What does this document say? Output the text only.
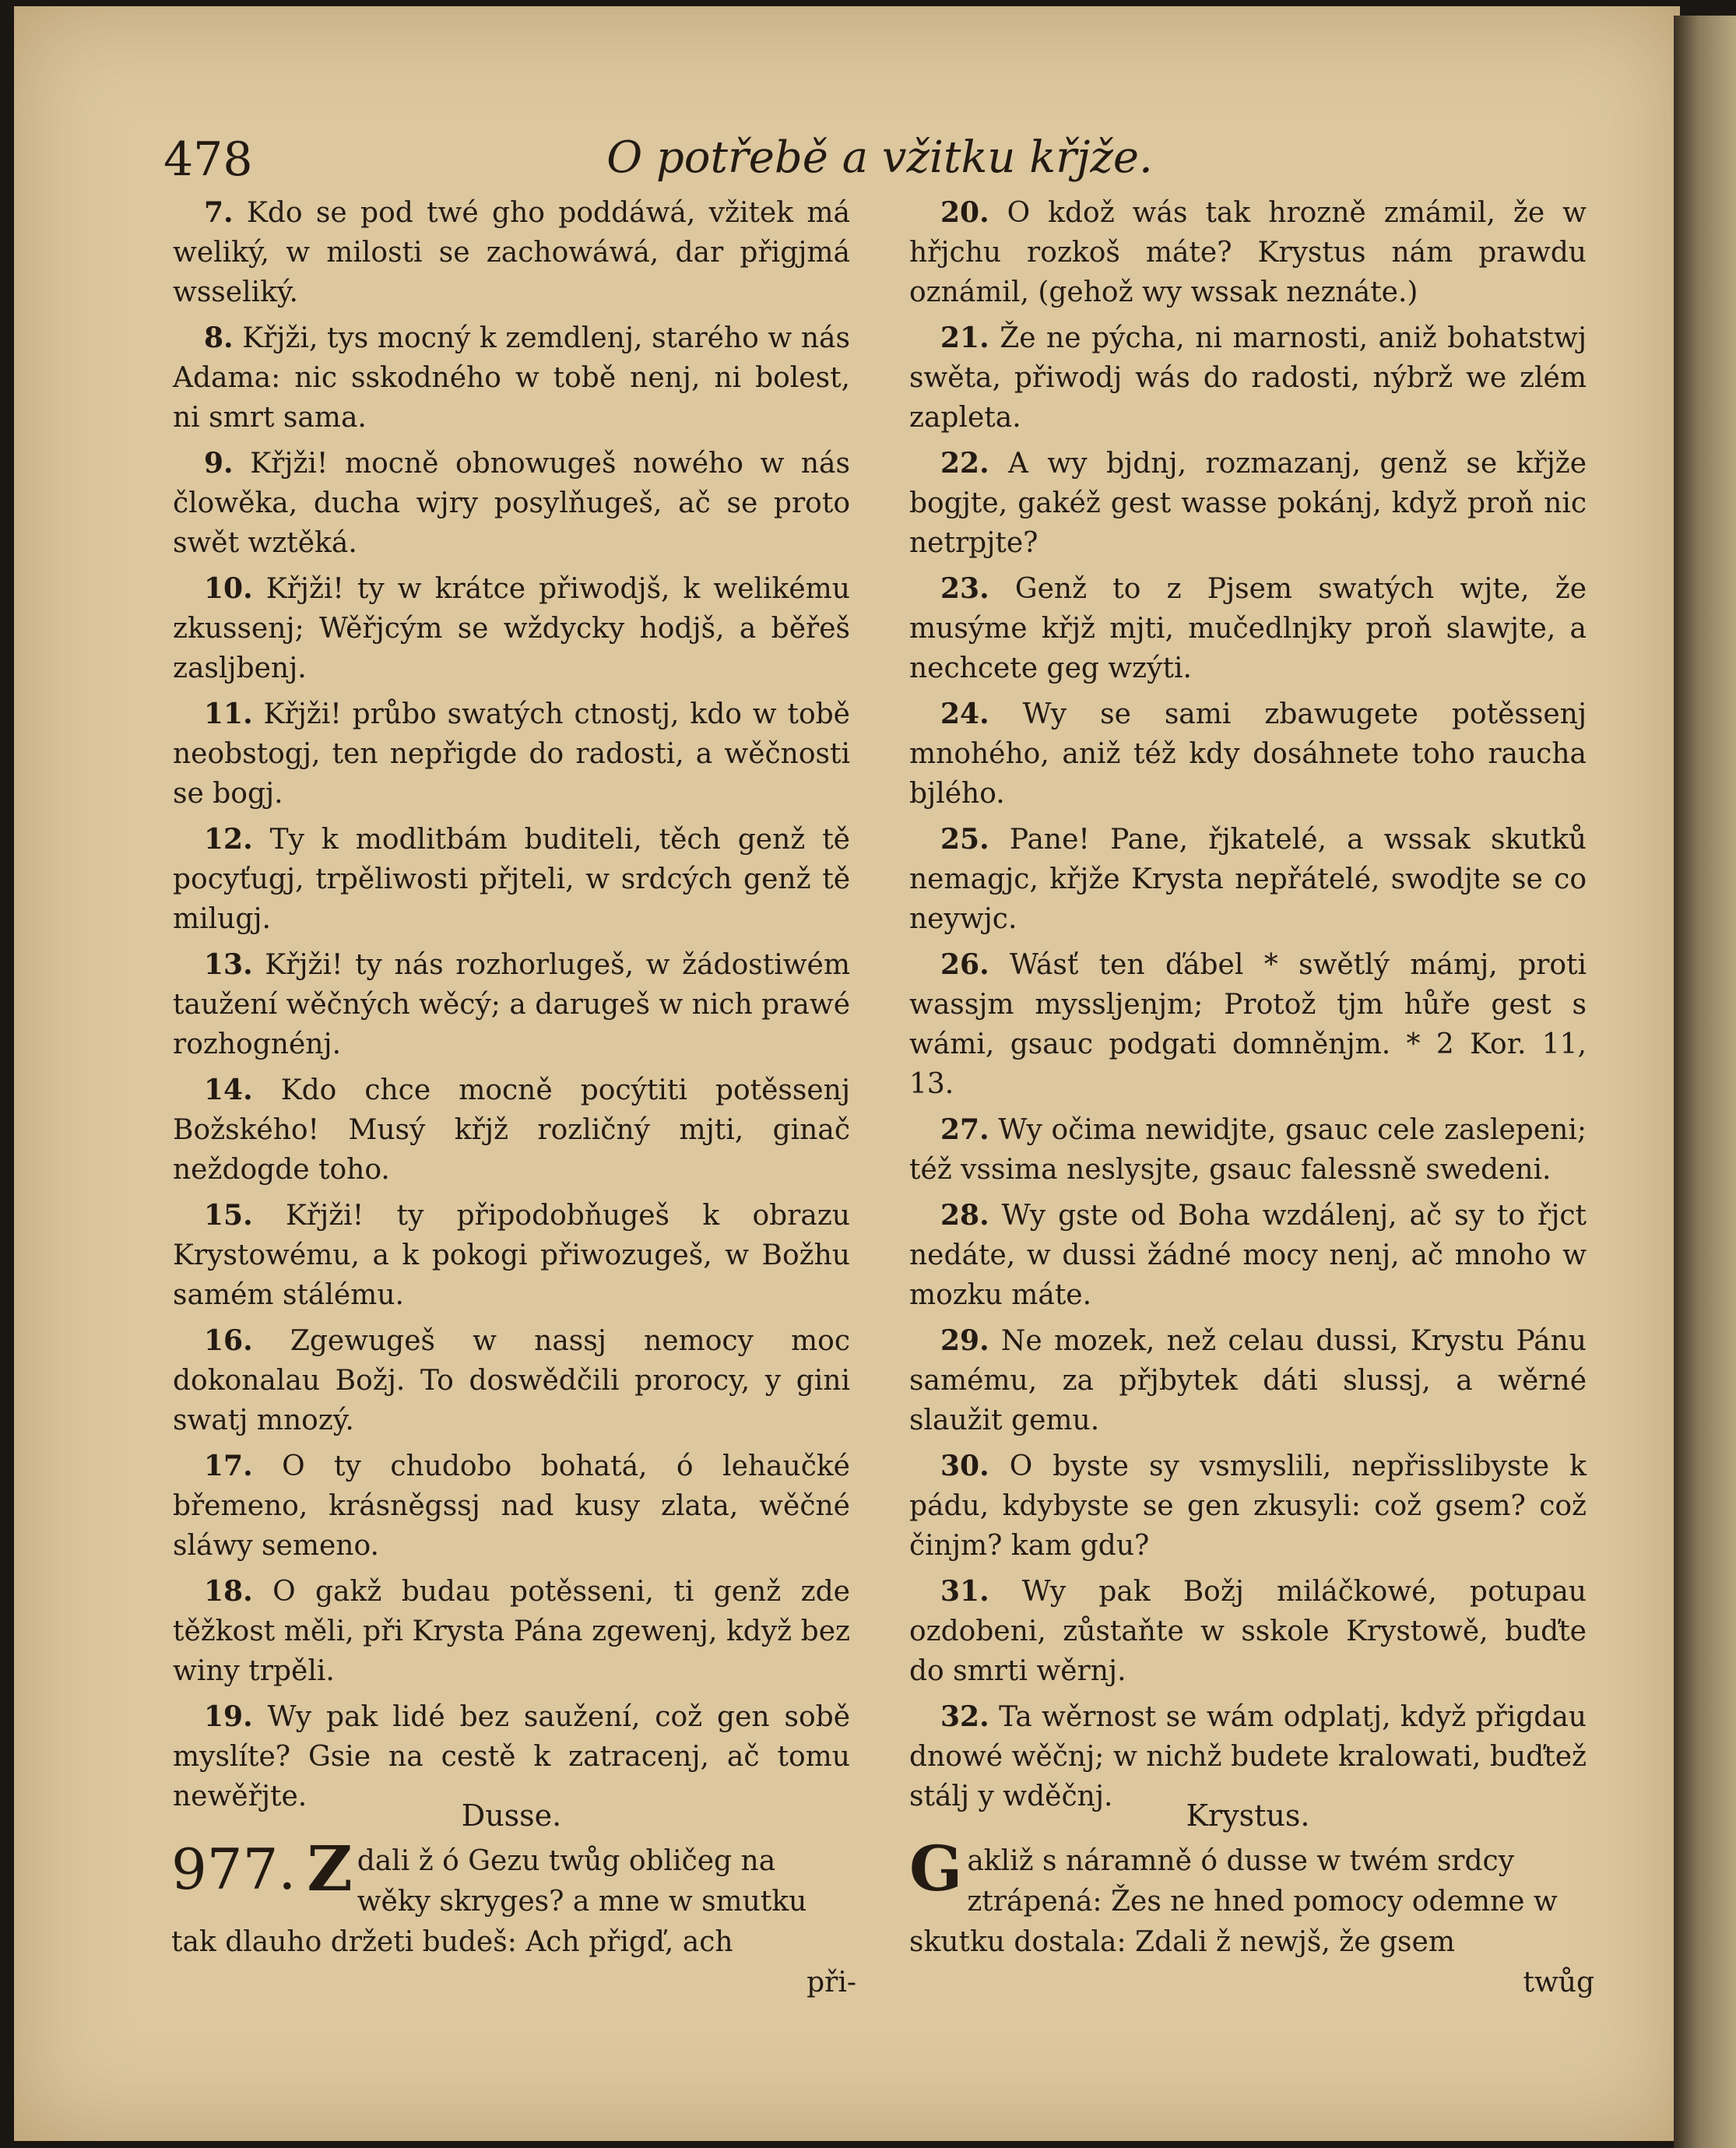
478	O potřebě a vžitku křjže.

7. Kdo se pod twé gho poddáwá, vžitek má weliký, w milosti se zachowáwá, dar přigjmá wsseliký.

8. Křjži, tys mocný k zemdlenj, starého w nás Adama: nic sskodného w tobě nenj, ni bolest, ni smrt sama.

9. Křjži! mocně obnowugeš nowého w nás člowěka, ducha wjry posylňugeš, ač se proto swět wztěká.

10. Křjži! ty w krátce přiwodjš, k welikému zkussenj; Wěřjcým se wždycky hodjš, a běřeš zasljbenj.

11. Křjži! průbo swatých ctnostj, kdo w tobě neobstogj, ten nepřigde do radosti, a wěčnosti se bogj.

12. Ty k modlitbám buditeli, těch genž tě pocyťugj, trpěliwosti přjteli, w srdcých genž tě milugj.

13. Křjži! ty nás rozhorlugeš, w žádostiwém taužení wěčných wěcý; a darugeš w nich prawé rozhognénj.

14. Kdo chce mocně pocýtiti potěssenj Božského! Musý křjž rozličný mjti, ginač neždogde toho.

15. Křjži! ty připodobňugeš k obrazu Krystowému, a k pokogi přiwozugeš, w Božhu samém stálému.

16. Zgewugeš w nassj nemocy moc dokonalau Božj. To doswědčili prorocy, y gini swatj mnozý.

17. O ty chudobo bohatá, ó lehaučké břemeno, krásněgssj nad kusy zlata, wěčné sláwy semeno.

18. O gakž budau potěsseni, ti genž zde těžkost měli, při Krysta Pána zgewenj, když bez winy trpěli.

19. Wy pak lidé bez saužení, což gen sobě myslíte? Gsie na cestě k zatracenj, ač tomu newěřjte.

20. O kdož wás tak hrozně zmámil, že w hřjchu rozkoš máte? Krystus nám prawdu oznámil, (gehož wy wssak neznáte.)

21. Že ne pýcha, ni marnosti, aniž bohatstwj swěta, přiwodj wás do radosti, nýbrž we zlém zapleta.

22. A wy bjdnj, rozmazanj, genž se křjže bogjte, gakéž gest wasse pokánj, když proň nic netrpjte?

23. Genž to z Pjsem swatých wjte, že musýme křjž mjti, mučedlnjky proň slawjte, a nechcete geg wzýti.

24. Wy se sami zbawugete potěssenj mnohého, aniž též kdy dosáhnete toho raucha bjlého.

25. Pane! Pane, řjkatelé, a wssak skutků nemagjc, křjže Krysta nepřátelé, swodjte se co neywjc.

26. Wásť ten ďábel * swětlý mámj, proti wassjm myssljenjm; Protož tjm hůře gest s wámi, gsauc podgati domněnjm. * 2 Kor. 11, 13.

27. Wy očima newidjte, gsauc cele zaslepeni; též vssima neslysjte, gsauc falessně swedeni.

28. Wy gste od Boha wzdálenj, ač sy to řjct nedáte, w dussi žádné mocy nenj, ač mnoho w mozku máte.

29. Ne mozek, než celau dussi, Krystu Pánu samému, za přjbytek dáti slussj, a wěrné slaužit gemu.

30. O byste sy vsmyslili, nepřisslibyste k pádu, kdybyste se gen zkusyli: což gsem? což činjm? kam gdu?

31. Wy pak Božj miláčkowé, potupau ozdobeni, zůstaňte w sskole Krystowě, buďte do smrti wěrnj.

32. Ta wěrnost se wám odplatj, když přigdau dnowé wěčnj; w nichž budete kralowati, buďtež stálj y wděčnj.

Dusse.	Krystus.
977. Z dali ž ó Gezu twůg obličeg na wěky skryges? a mne w smutku tak dlauho držeti budeš: Ach přigď, ach
při-
G akliž s náramně ó dusse w twém srdcy ztrápená: Žes ne hned pomocy odemne w skutku dostala: Zdali ž newjš, že gsem
twůg
